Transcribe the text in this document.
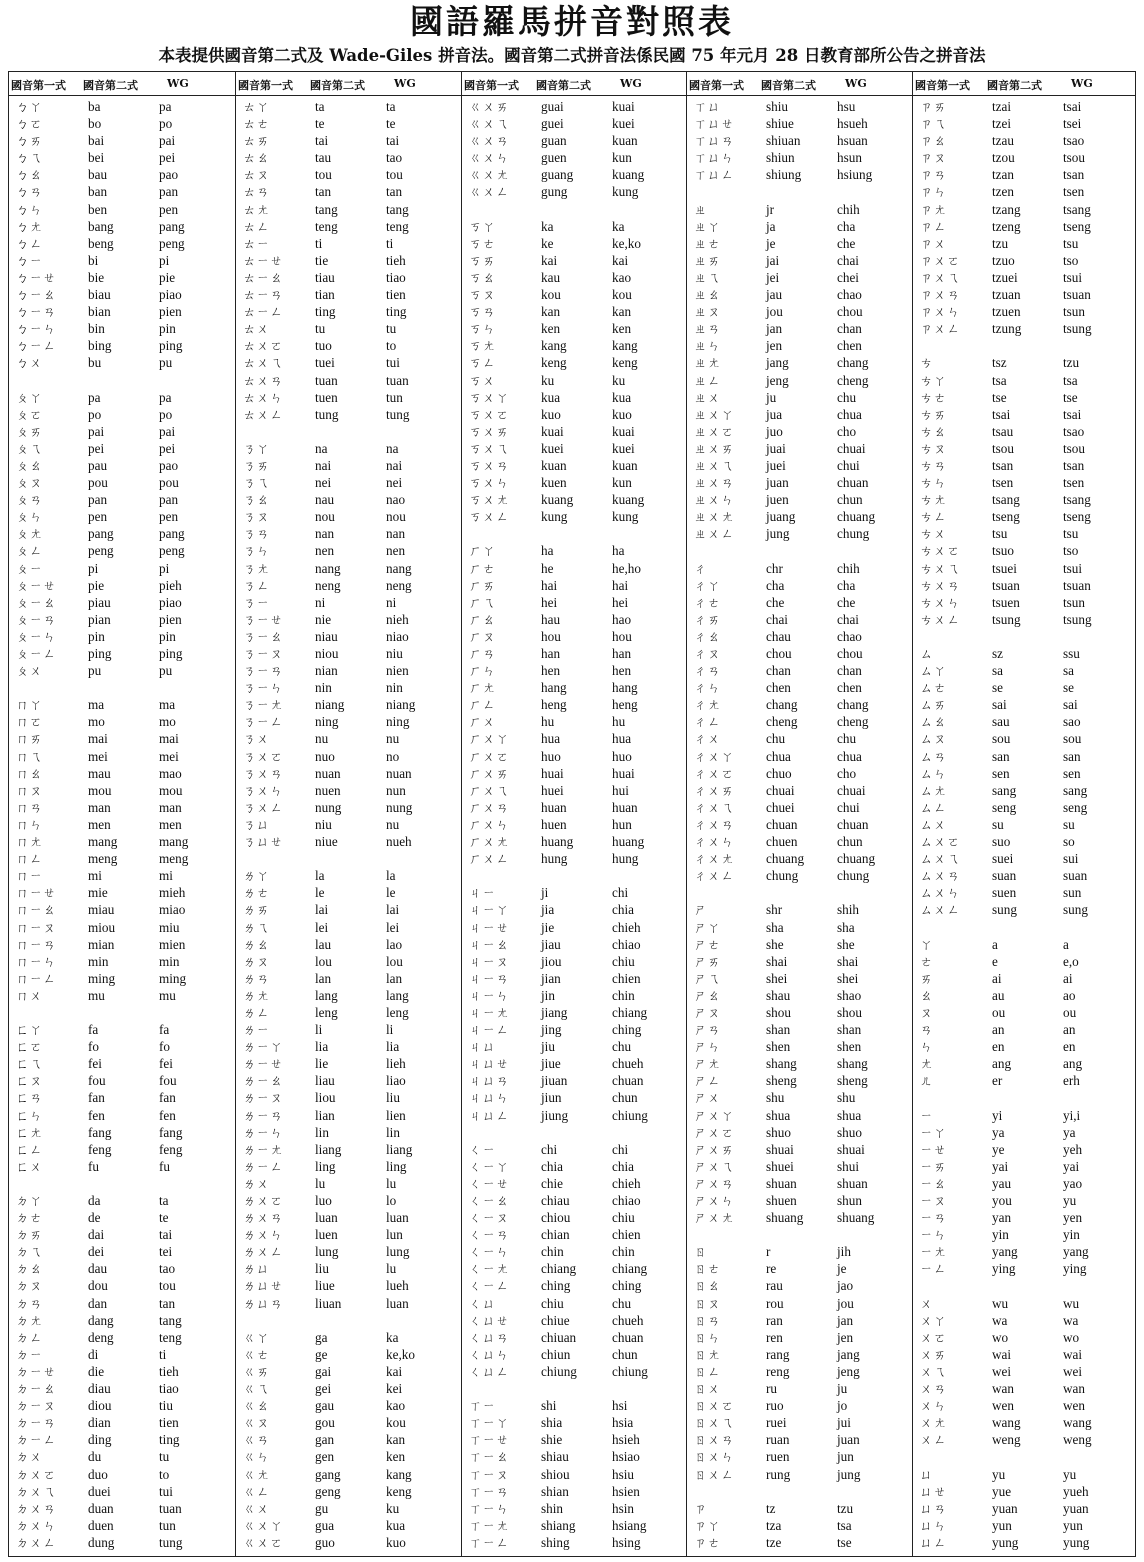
國語羅馬拼音對照表
本表提供國音第二式及 Wade-Giles 拼音法。國音第二式拼音法係民國 75 年元月 28 日教育部所公告之拼音法
國音第一式 國音第二式	WG
ㄅㄚ	ba	pa
ㄅㄛ	bo	po
ㄅㄞ	bai	pai
ㄅㄟ	bei	pei
ㄅㄠ	bau	pao
ㄅㄢ	ban	pan
ㄅㄣ	ben	pen
ㄅㄤ	bang	pang
ㄅㄥ	beng	peng
ㄅㄧ	bi	pi
ㄅㄧㄝ bie	pie
ㄅㄧㄠ biau	piao
ㄅㄧㄢ bian	pien
ㄅㄧㄣ bin	pin
ㄅㄧㄥ bing	ping
ㄅㄨ	bu	pu
ㄆㄚ	pa	pa
ㄆㄛ	po	po
ㄆㄞ	pai	pai
ㄆㄟ	pei	pei
ㄆㄠ	pau	pao
ㄆㄡ	pou	pou
ㄆㄢ	pan	pan
ㄆㄣ	pen	pen
ㄆㄤ	pang	pang
ㄆㄥ	peng	peng
ㄆㄧ	pi	pi
ㄆㄧㄝ pie	pieh
ㄆㄧㄠ piau	piao
ㄆㄧㄢ pian	pien
ㄆㄧㄣ pin	pin
ㄆㄧㄥ ping	ping
ㄆㄨ	pu	pu
ㄇㄚ	ma	ma
ㄇㄛ	mo	mo
ㄇㄞ	mai	mai
ㄇㄟ	mei	mei
ㄇㄠ	mau	mao
ㄇㄡ	mou	mou
ㄇㄢ	man	man
ㄇㄣ	men	men
ㄇㄤ	mang	mang
ㄇㄥ	meng	meng
ㄇㄧ	mi	mi
ㄇㄧㄝ mie	mieh
ㄇㄧㄠ miau	miao
ㄇㄧㄡ miou	miu
ㄇㄧㄢ mian	mien
ㄇㄧㄣ min	min
ㄇㄧㄥ ming	ming
ㄇㄨ	mu	mu
ㄈㄚ	fa	fa
ㄈㄛ	fo	fo
ㄈㄟ	fei	fei
ㄈㄡ	fou	fou
ㄈㄢ	fan	fan
ㄈㄣ	fen	fen
ㄈㄤ	fang	fang
ㄈㄥ	feng	feng
ㄈㄨ	fu	fu
ㄉㄚ	da	ta
ㄉㄜ	de	te
ㄉㄞ	dai	tai
ㄉㄟ	dei	tei
ㄉㄠ	dau	tao
ㄉㄡ	dou	tou
ㄉㄢ	dan	tan
ㄉㄤ	dang	tang
ㄉㄥ	deng	teng
ㄉㄧ	di	ti
ㄉㄧㄝ die	tieh
ㄉㄧㄠ diau	tiao
ㄉㄧㄡ diou	tiu
ㄉㄧㄢ dian	tien
ㄉㄧㄥ ding	ting
ㄉㄨ	du	tu
ㄉㄨㄛ duo	to
ㄉㄨㄟ duei	tui
ㄉㄨㄢ duan	tuan
ㄉㄨㄣ duen	tun
ㄉㄨㄥ dung	tung
國音第一式 國音第二式	WG
ㄊㄚ	ta	ta
ㄊㄜ	te	te
ㄊㄞ	tai	tai
ㄊㄠ	tau	tao
ㄊㄡ	tou	tou
ㄊㄢ	tan	tan
ㄊㄤ	tang	tang
ㄊㄥ	teng	teng
ㄊㄧ	ti	ti
ㄊㄧㄝ tie	tieh
ㄊㄧㄠ tiau	tiao
ㄊㄧㄢ tian	tien
ㄊㄧㄥ ting	ting
ㄊㄨ	tu	tu
ㄊㄨㄛ tuo	to
ㄊㄨㄟ tuei	tui
ㄊㄨㄢ tuan	tuan
ㄊㄨㄣ tuen	tun
ㄊㄨㄥ tung	tung
ㄋㄚ	na	na
ㄋㄞ	nai	nai
ㄋㄟ	nei	nei
ㄋㄠ	nau	nao
ㄋㄡ	nou	nou
ㄋㄢ	nan	nan
ㄋㄣ	nen	nen
ㄋㄤ	nang	nang
ㄋㄥ	neng	neng
ㄋㄧ	ni	ni
ㄋㄧㄝ nie	nieh
ㄋㄧㄠ niau	niao
ㄋㄧㄡ niou	niu
ㄋㄧㄢ nian	nien
ㄋㄧㄣ nin	nin
ㄋㄧㄤ niang	niang
ㄋㄧㄥ ning	ning
ㄋㄨ	nu	nu
ㄋㄨㄛ nuo	no
ㄋㄨㄢ nuan	nuan
ㄋㄨㄣ nuen	nun
ㄋㄨㄥ nung	nung
ㄋㄩ	niu	nu
ㄋㄩㄝ niue	nueh
ㄌㄚ	la	la
ㄌㄜ	le	le
ㄌㄞ	lai	lai
ㄌㄟ	lei	lei
ㄌㄠ	lau	lao
ㄌㄡ	lou	lou
ㄌㄢ	lan	lan
ㄌㄤ	lang	lang
ㄌㄥ	leng	leng
ㄌㄧ	li	li
ㄌㄧㄚ lia	lia
ㄌㄧㄝ lie	lieh
ㄌㄧㄠ liau	liao
ㄌㄧㄡ liou	liu
ㄌㄧㄢ lian	lien
ㄌㄧㄣ lin	lin
ㄌㄧㄤ liang	liang
ㄌㄧㄥ ling	ling
ㄌㄨ	lu	lu
ㄌㄨㄛ luo	lo
ㄌㄨㄢ luan	luan
ㄌㄨㄣ luen	lun
ㄌㄨㄥ lung	lung
ㄌㄩ	liu	lu
ㄌㄩㄝ liue	lueh
ㄌㄩㄢ liuan	luan
ㄍㄚ	ga	ka
ㄍㄜ	ge	ke,ko
ㄍㄞ	gai	kai
ㄍㄟ	gei	kei
ㄍㄠ	gau	kao
ㄍㄡ	gou	kou
ㄍㄢ	gan	kan
ㄍㄣ	gen	ken
ㄍㄤ	gang	kang
ㄍㄥ	geng	keng
ㄍㄨ	gu	ku
ㄍㄨㄚ gua	kua
ㄍㄨㄛ guo	kuo
國音第一式 國音第二式	WG
ㄍㄨㄞ guai	kuai
ㄍㄨㄟ guei	kuei
ㄍㄨㄢ guan	kuan
ㄍㄨㄣ guen	kun
ㄍㄨㄤ guang	kuang
ㄍㄨㄥ gung	kung
ㄎㄚ	ka	ka
ㄎㄜ	ke	ke,ko
ㄎㄞ	kai	kai
ㄎㄠ	kau	kao
ㄎㄡ	kou	kou
ㄎㄢ	kan	kan
ㄎㄣ	ken	ken
ㄎㄤ	kang	kang
ㄎㄥ	keng	keng
ㄎㄨ	ku	ku
ㄎㄨㄚ kua	kua
ㄎㄨㄛ kuo	kuo
ㄎㄨㄞ kuai	kuai
ㄎㄨㄟ kuei	kuei
ㄎㄨㄢ kuan	kuan
ㄎㄨㄣ kuen	kun
ㄎㄨㄤ kuang	kuang
ㄎㄨㄥ kung	kung
ㄏㄚ	ha	ha
ㄏㄜ	he	he,ho
ㄏㄞ	hai	hai
ㄏㄟ	hei	hei
ㄏㄠ	hau	hao
ㄏㄡ	hou	hou
ㄏㄢ	han	han
ㄏㄣ	hen	hen
ㄏㄤ	hang	hang
ㄏㄥ	heng	heng
ㄏㄨ	hu	hu
ㄏㄨㄚ hua	hua
ㄏㄨㄛ huo	huo
ㄏㄨㄞ huai	huai
ㄏㄨㄟ huei	hui
ㄏㄨㄢ huan	huan
ㄏㄨㄣ huen	hun
ㄏㄨㄤ huang	huang
ㄏㄨㄥ hung	hung
ㄐㄧ	ji	chi
ㄐㄧㄚ jia	chia
ㄐㄧㄝ jie	chieh
ㄐㄧㄠ jiau	chiao
ㄐㄧㄡ jiou	chiu
ㄐㄧㄢ jian	chien
ㄐㄧㄣ jin	chin
ㄐㄧㄤ jiang	chiang
ㄐㄧㄥ jing	ching
ㄐㄩ	jiu	chu
ㄐㄩㄝ jiue	chueh
ㄐㄩㄢ jiuan	chuan
ㄐㄩㄣ jiun	chun
ㄐㄩㄥ jiung	chiung
ㄑㄧ	chi	chi
ㄑㄧㄚ chia	chia
ㄑㄧㄝ chie	chieh
ㄑㄧㄠ chiau	chiao
ㄑㄧㄡ chiou	chiu
ㄑㄧㄢ chian	chien
ㄑㄧㄣ chin	chin
ㄑㄧㄤ chiang	chiang
ㄑㄧㄥ ching	ching
ㄑㄩ	chiu	chu
ㄑㄩㄝ chiue	chueh
ㄑㄩㄢ chiuan	chuan
ㄑㄩㄣ chiun	chun
ㄑㄩㄥ chiung	chiung
ㄒㄧ	shi	hsi
ㄒㄧㄚ shia	hsia
ㄒㄧㄝ shie	hsieh
ㄒㄧㄠ shiau	hsiao
ㄒㄧㄡ shiou	hsiu
ㄒㄧㄢ shian	hsien
ㄒㄧㄣ shin	hsin
ㄒㄧㄤ shiang	hsiang
ㄒㄧㄥ shing	hsing
國音第一式 國音第二式	WG
ㄒㄩ	shiu	hsu
ㄒㄩㄝ shiue	hsueh
ㄒㄩㄢ shiuan	hsuan
ㄒㄩㄣ shiun	hsun
ㄒㄩㄥ shiung	hsiung
ㄓ	jr	chih
ㄓㄚ	ja	cha
ㄓㄜ	je	che
ㄓㄞ	jai	chai
ㄓㄟ	jei	chei
ㄓㄠ	jau	chao
ㄓㄡ	jou	chou
ㄓㄢ	jan	chan
ㄓㄣ	jen	chen
ㄓㄤ	jang	chang
ㄓㄥ	jeng	cheng
ㄓㄨ	ju	chu
ㄓㄨㄚ jua	chua
ㄓㄨㄛ juo	cho
ㄓㄨㄞ juai	chuai
ㄓㄨㄟ juei	chui
ㄓㄨㄢ juan	chuan
ㄓㄨㄣ juen	chun
ㄓㄨㄤ juang	chuang
ㄓㄨㄥ jung	chung
ㄔ	chr	chih
ㄔㄚ	cha	cha
ㄔㄜ	che	che
ㄔㄞ	chai	chai
ㄔㄠ	chau	chao
ㄔㄡ	chou	chou
ㄔㄢ	chan	chan
ㄔㄣ	chen	chen
ㄔㄤ	chang	chang
ㄔㄥ	cheng	cheng
ㄔㄨ	chu	chu
ㄔㄨㄚ chua	chua
ㄔㄨㄛ chuo	cho
ㄔㄨㄞ chuai	chuai
ㄔㄨㄟ chuei	chui
ㄔㄨㄢ chuan	chuan
ㄔㄨㄣ chuen	chun
ㄔㄨㄤ chuang chuang
ㄔㄨㄥ chung	chung
ㄕ	shr	shih
ㄕㄚ	sha	sha
ㄕㄜ	she	she
ㄕㄞ	shai	shai
ㄕㄟ	shei	shei
ㄕㄠ	shau	shao
ㄕㄡ	shou	shou
ㄕㄢ	shan	shan
ㄕㄣ	shen	shen
ㄕㄤ	shang	shang
ㄕㄥ	sheng	sheng
ㄕㄨ	shu	shu
ㄕㄨㄚ shua	shua
ㄕㄨㄛ shuo	shuo
ㄕㄨㄞ shuai	shuai
ㄕㄨㄟ shuei	shui
ㄕㄨㄢ shuan	shuan
ㄕㄨㄣ shuen	shun
ㄕㄨㄤ shuang	shuang
ㄖ	r	jih
ㄖㄜ	re	je
ㄖㄠ	rau	jao
ㄖㄡ	rou	jou
ㄖㄢ	ran	jan
ㄖㄣ	ren	jen
ㄖㄤ	rang	jang
ㄖㄥ	reng	jeng
ㄖㄨ	ru	ju
ㄖㄨㄛ ruo	jo
ㄖㄨㄟ ruei	jui
ㄖㄨㄢ ruan	juan
ㄖㄨㄣ ruen	jun
ㄖㄨㄥ rung	jung
ㄗ	tz	tzu
ㄗㄚ	tza	tsa
ㄗㄜ	tze	tse
國音第一式 國音第二式	WG
ㄗㄞ	tzai	tsai
ㄗㄟ	tzei	tsei
ㄗㄠ	tzau	tsao
ㄗㄡ	tzou	tsou
ㄗㄢ	tzan	tsan
ㄗㄣ	tzen	tsen
ㄗㄤ	tzang	tsang
ㄗㄥ	tzeng	tseng
ㄗㄨ	tzu	tsu
ㄗㄨㄛ tzuo	tso
ㄗㄨㄟ tzuei	tsui
ㄗㄨㄢ tzuan	tsuan
ㄗㄨㄣ tzuen	tsun
ㄗㄨㄥ tzung	tsung
ㄘ	tsz	tzu
ㄘㄚ	tsa	tsa
ㄘㄜ	tse	tse
ㄘㄞ	tsai	tsai
ㄘㄠ	tsau	tsao
ㄘㄡ	tsou	tsou
ㄘㄢ	tsan	tsan
ㄘㄣ	tsen	tsen
ㄘㄤ	tsang	tsang
ㄘㄥ	tseng	tseng
ㄘㄨ	tsu	tsu
ㄘㄨㄛ tsuo	tso
ㄘㄨㄟ tsuei	tsui
ㄘㄨㄢ tsuan	tsuan
ㄘㄨㄣ tsuen	tsun
ㄘㄨㄥ tsung	tsung
ㄙ	sz	ssu
ㄙㄚ	sa	sa
ㄙㄜ	se	se
ㄙㄞ	sai	sai
ㄙㄠ	sau	sao
ㄙㄡ	sou	sou
ㄙㄢ	san	san
ㄙㄣ	sen	sen
ㄙㄤ	sang	sang
ㄙㄥ	seng	seng
ㄙㄨ	su	su
ㄙㄨㄛ suo	so
ㄙㄨㄟ suei	sui
ㄙㄨㄢ suan	suan
ㄙㄨㄣ suen	sun
ㄙㄨㄥ sung	sung
ㄚ	a	a
ㄜ	e	e,o
ㄞ	ai	ai
ㄠ	au	ao
ㄡ	ou	ou
ㄢ	an	an
ㄣ	en	en
ㄤ	ang	ang
ㄦ	er	erh
ㄧ	yi	yi,i
ㄧㄚ	ya	ya
ㄧㄝ	ye	yeh
ㄧㄞ	yai	yai
ㄧㄠ	yau	yao
ㄧㄡ	you	yu
ㄧㄢ	yan	yen
ㄧㄣ	yin	yin
ㄧㄤ	yang	yang
ㄧㄥ	ying	ying
ㄨ	wu	wu
ㄨㄚ	wa	wa
ㄨㄛ	wo	wo
ㄨㄞ	wai	wai
ㄨㄟ	wei	wei
ㄨㄢ	wan	wan
ㄨㄣ	wen	wen
ㄨㄤ	wang	wang
ㄨㄥ	weng	weng
ㄩ	yu	yu
ㄩㄝ	yue	yueh
ㄩㄢ	yuan	yuan
ㄩㄣ	yun	yun
ㄩㄥ	yung	yung
